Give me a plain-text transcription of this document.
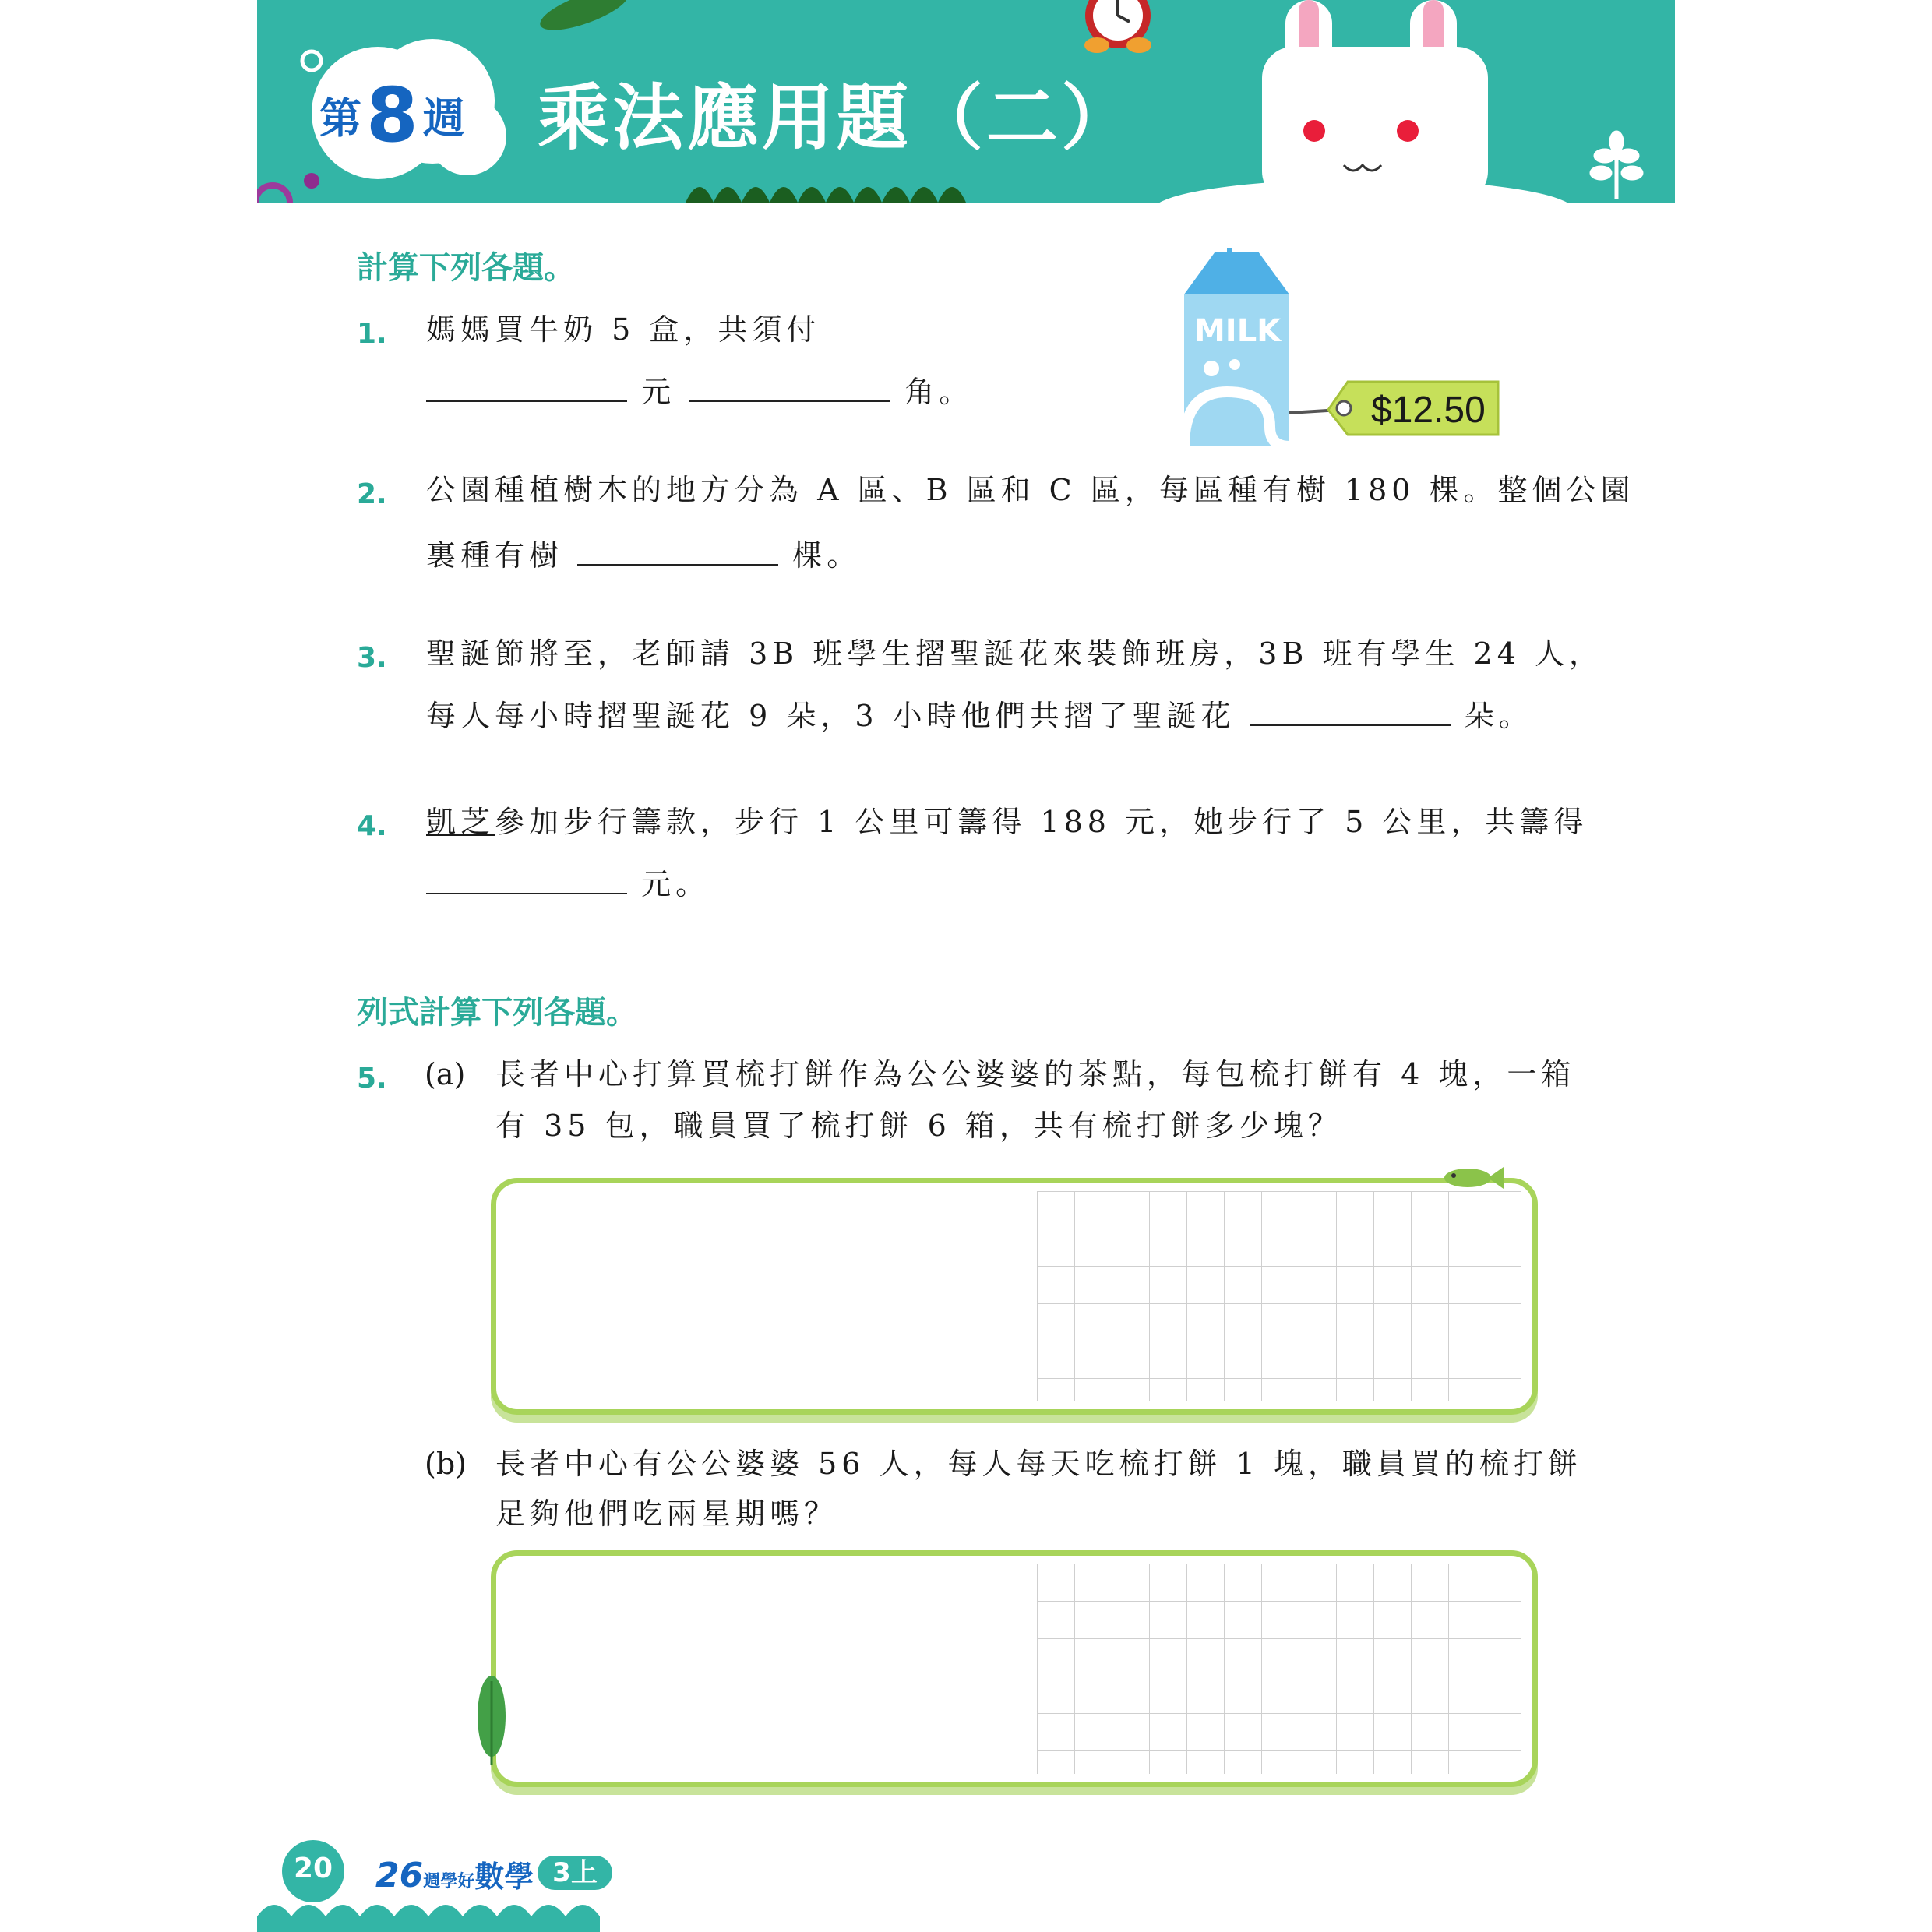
第8 週 乘法應用題（二）
計算下列各題。
1. 媽媽買牛奶 5 盒，共須付
元	角。
MILK
$12.50
2. 公園種植樹木的地方分為 A 區、B 區和 C 區，每區種有樹 180 棵。整個公園
裏種有樹	棵。
3. 聖誕節將至，老師請 3B 班學生摺聖誕花來裝飾班房，3B 班有學生 24 人，
每人每小時摺聖誕花 9 朵，3 小時他們共摺了聖誕花	朵。
4. 凱芝參加步行籌款，步行 1 公里可籌得 188 元，她步行了 5 公里，共籌得
元。
列式計算下列各題。
5. (a) 長者中心打算買梳打餅作為公公婆婆的茶點，每包梳打餅有 4 塊，一箱
有 35 包，職員買了梳打餅 6 箱，共有梳打餅多少塊？
(b) 長者中心有公公婆婆 56 人，每人每天吃梳打餅 1 塊，職員買的梳打餅
足夠他們吃兩星期嗎？
20	26週學好數學 3上
